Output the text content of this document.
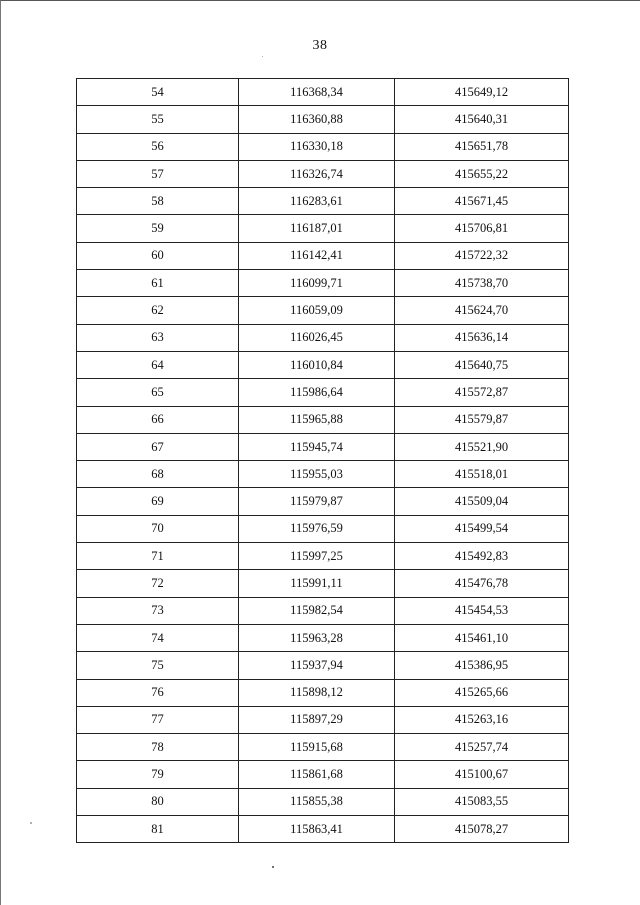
38
54	116368,34	415649,12
55	116360,88	415640,31
56	116330,18	415651,78
57	116326,74	415655,22
58	116283,61	415671,45
59	116187,01	415706,81
60	116142,41	415722,32
61	116099,71	415738,70
62	116059,09	415624,70
63	116026,45	415636,14
64	116010,84	415640,75
65	115986,64	415572,87
66	115965,88	415579,87
67	115945,74	415521,90
68	115955,03	415518,01
69	115979,87	415509,04
70	115976,59	415499,54
71	115997,25	415492,83
72	115991,11	415476,78
73	115982,54	415454,53
74	115963,28	415461,10
75	115937,94	415386,95
76	115898,12	415265,66
77	115897,29	415263,16
78	115915,68	415257,74
79	115861,68	415100,67
80	115855,38	415083,55
81	115863,41	415078,27
